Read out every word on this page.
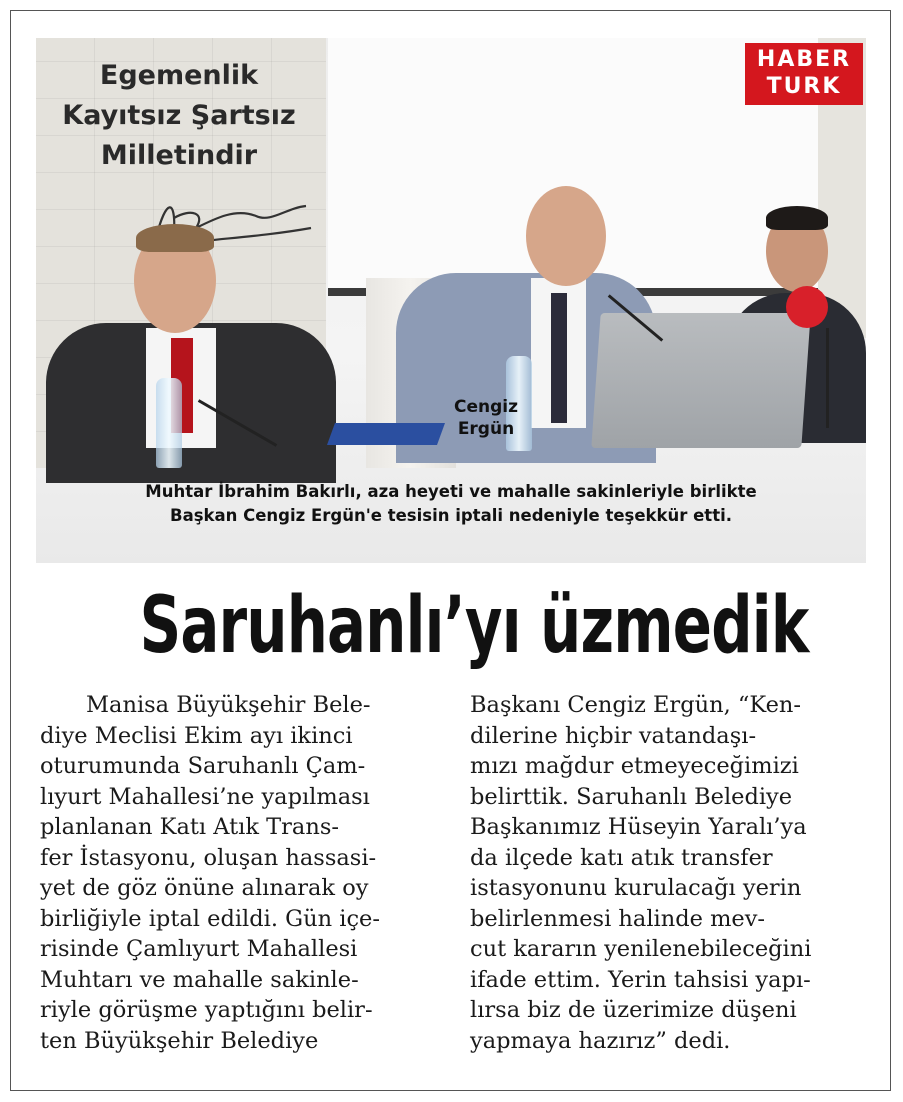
Egemenlik
Kayıtsız Şartsız
Milletindir
Cengiz
Ergün
Muhtar İbrahim Bakırlı, aza heyeti ve mahalle sakinleriyle birlikte
Başkan Cengiz Ergün'e tesisin iptali nedeniyle teşekkür etti.
HABER
TURK
Saruhanlı’yı üzmedik
Manisa Büyükşehir Bele-
diye Meclisi Ekim ayı ikinci
oturumunda Saruhanlı Çam-
lıyurt Mahallesi’ne yapılması
planlanan Katı Atık Trans-
fer İstasyonu, oluşan hassasi-
yet de göz önüne alınarak oy
birliğiyle iptal edildi. Gün içe-
risinde Çamlıyurt Mahallesi
Muhtarı ve mahalle sakinle-
riyle görüşme yaptığını belir-
ten Büyükşehir Belediye
Başkanı Cengiz Ergün, “Ken-
dilerine hiçbir vatandaşı-
mızı mağdur etmeyeceğimizi
belirttik. Saruhanlı Belediye
Başkanımız Hüseyin Yaralı’ya
da ilçede katı atık transfer
istasyonunu kurulacağı yerin
belirlenmesi halinde mev-
cut kararın yenilenebileceğini
ifade ettim. Yerin tahsisi yapı-
lırsa biz de üzerimize düşeni
yapmaya hazırız” dedi.
